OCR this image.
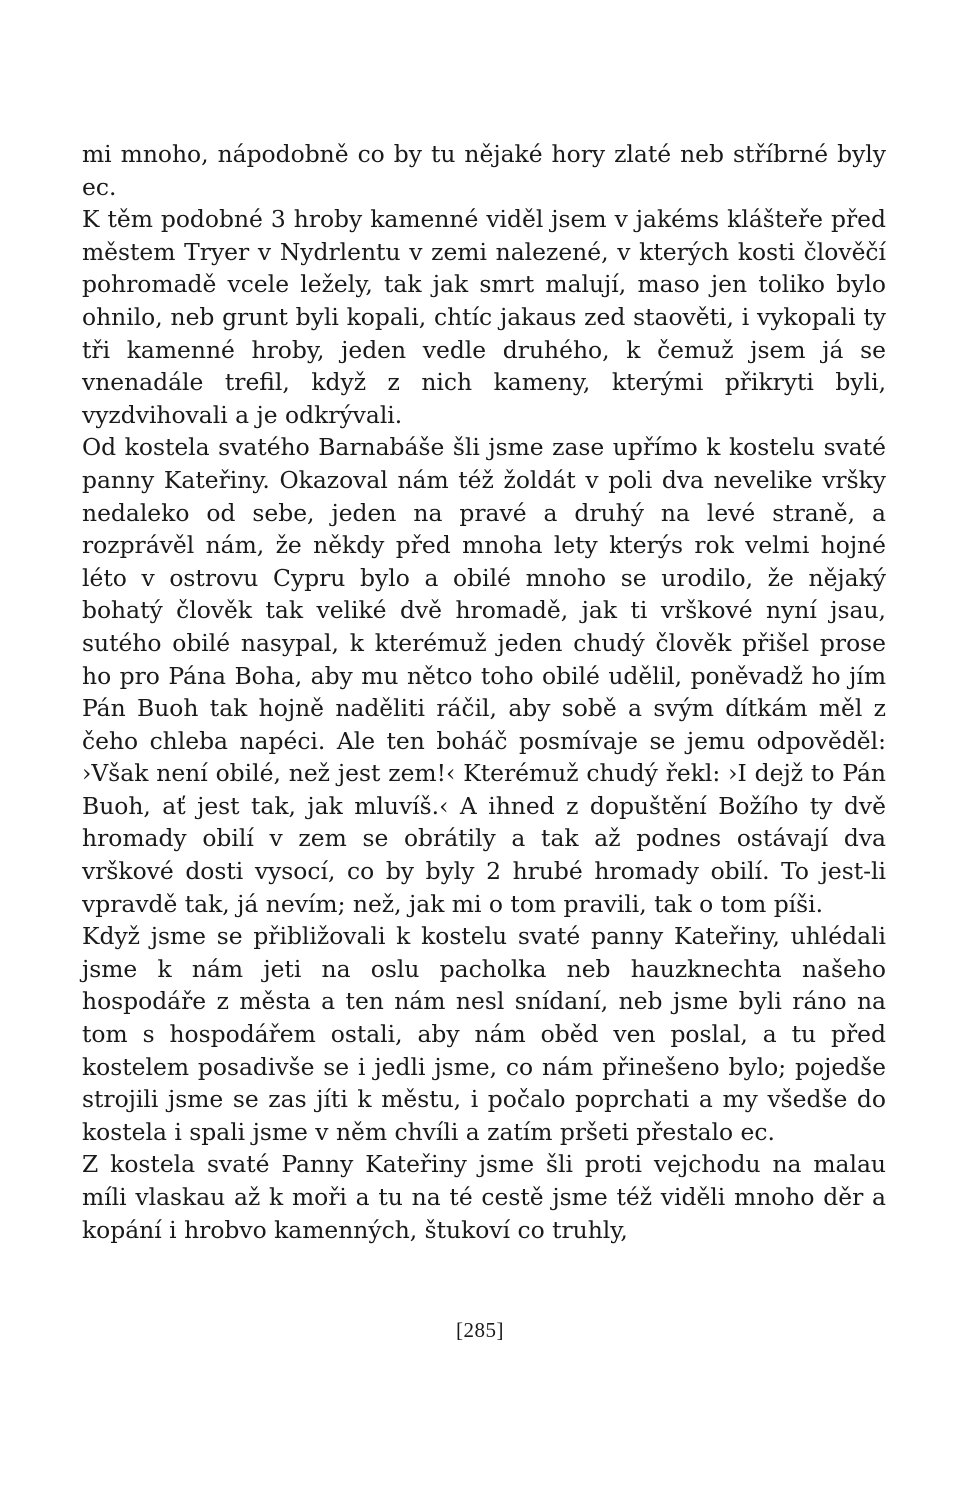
mi mnoho, nápodobně co by tu nějaké hory zlaté neb stříbrné byly ec.

K těm podobné 3 hroby kamenné viděl jsem v jakéms klášteře před městem Tryer v Nydrlentu v zemi nalezené, v kterých kosti člověčí pohromadě vcele ležely, tak jak smrt malují, maso jen toliko bylo ohnilo, neb grunt byli kopali, chtíc jakaus zed staověti, i vykopali ty tři kamenné hroby, jeden vedle druhého, k čemuž jsem já se vnenadále trefil, když z nich kameny, kterými přikryti byli, vyzdvihovali a je odkrývali.

Od kostela svatého Barnabáše šli jsme zase upřímo k kostelu svaté panny Kateřiny. Okazoval nám též žoldát v poli dva nevelike vršky nedaleko od sebe, jeden na pravé a druhý na levé straně, a rozprávěl nám, že někdy před mnoha lety kterýs rok velmi hojné léto v ostrovu Cypru bylo a obilé mnoho se urodilo, že nějaký bohatý člověk tak veliké dvě hromadě, jak ti vrškové nyní jsau, sutého obilé nasypal, k kterémuž jeden chudý člověk přišel prose ho pro Pána Boha, aby mu nětco toho obilé udělil, poněvadž ho jím Pán Buoh tak hojně naděliti ráčil, aby sobě a svým dítkám měl z čeho chleba napéci. Ale ten boháč posmívaje se jemu odpověděl: ›Však není obilé, než jest zem!‹ Kterémuž chudý řekl: ›I dejž to Pán Buoh, ať jest tak, jak mluvíš.‹ A ihned z dopuštění Božího ty dvě hromady obilí v zem se obrátily a tak až podnes ostávají dva vrškové dosti vysocí, co by byly 2 hrubé hromady obilí. To jest-li vpravdě tak, já nevím; než, jak mi o tom pravili, tak o tom píši.

Když jsme se přibližovali k kostelu svaté panny Kateřiny, uhlédali jsme k nám jeti na oslu pacholka neb hauzknechta našeho hospodáře z města a ten nám nesl snídaní, neb jsme byli ráno na tom s hospodářem ostali, aby nám oběd ven poslal, a tu před kostelem posadivše se i jedli jsme, co nám přinešeno bylo; pojedše strojili jsme se zas jíti k městu, i počalo poprchati a my všedše do kostela i spali jsme v něm chvíli a zatím pršeti přestalo ec.

Z kostela svaté Panny Kateřiny jsme šli proti vejchodu na malau míli vlaskau až k moři a tu na té cestě jsme též viděli mnoho děr a kopání i hrobvo kamenných, štukoví co truhly,

[285]
